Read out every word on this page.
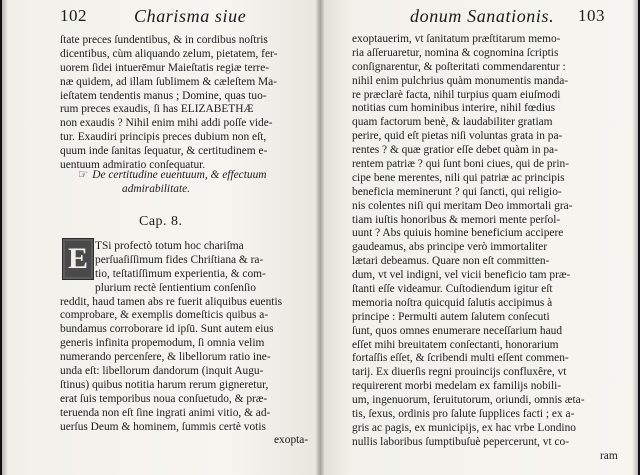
102	Charisma siue
ſtate preces ſundentibus, & in cordibus noſtris
dicentibus, cùm aliquando zelum, pietatem, fer-
uorem ſidei intuerēmur Maieſtatis regiæ terre-
næ quidem, ad illam ſublimem & cæleſtem Ma-
ieſtatem tendentis manus ; Domine, quas tuo-
rum preces exaudis, ſi has ELIZABETHÆ
non exaudis ? Nihil enim mihi addi poſſe vide-
tur. Exaudiri principis preces dubium non eſt,
quum inde ſanitas ſequatur, & certitudinem e-
uentuum admiratio conſequatur.
☞ De certitudine euentuum, & effectuum
admirabilitate.
Cap. 8.
E TSi profectò totum hoc chariſma
perſuaſiſſimum fides Chriſtiana & ra-
tio, teſtatiſſimum experientia, & com-
plurium rectè ſentientium conſenſio
reddit, haud tamen abs re fuerit aliquibus euentis
comprobare, & exemplis domeſticis quibus a-
bundamus corroborare id ipſū. Sunt autem eius
generis infinita propemodum, ſi omnia velim
numerando percenſere, & libellorum ratio ine-
unda eſt: libellorum dandorum (inquit Augu-
ſtinus) quibus notitia harum rerum gigneretur,
erat ſuis temporibus noua conſuetudo, & præ-
teruenda non eſt ſine ingrati animi vitio, & ad-
uerſus Deum & hominem, ſummis certè votis
exopta-
donum Sanationis. 103
exoptauerim, vt ſanitatum præſtitarum memo-
ria aſſeruaretur, nomina & cognomina ſcriptis
conſignarentur, & poſteritati commendarentur :
nihil enim pulchrius quàm monumentis manda-
re præclarè facta, nihil turpius quam eiuſmodi
notitias cum hominibus interire, nihil fœdius
quam factorum benè, & laudabiliter gratiam
perire, quid eſt pietas niſi voluntas grata in pa-
rentes ? & quæ gratior eſſe debet quàm in pa-
rentem patriæ ? qui ſunt boni ciues, qui de prin-
cipe bene merentes, nili qui patriæ ac principis
beneficia meminerunt ? qui ſancti, qui religio-
nis colentes niſi qui meritam Deo immortali gra-
tiam iuſtis honoribus & memori mente perſol-
uunt ? Abs quiuis homine beneficium accipere
gaudeamus, abs principe verò immortaliter
lætari debeamus. Quare non eſt committen-
dum, vt vel indigni, vel vicii beneficio tam præ-
ſtanti eſſe videamur. Cuſtodiendum igitur eſt
memoria noſtra quicquid ſalutis accipimus à
principe : Permulti autem ſalutem conſecuti
ſunt, quos omnes enumerare neceſſarium haud
eſſet mihi breuitatem conſectanti, honorarium
fortaſſis eſſet, & ſcribendi multi eſſent commen-
tarij. Ex diuerſis regni prouincijs confluxêre, vt
requirerent morbi medelam ex familijs nobili-
um, ingenuorum, ſeruitutorum, oriundi, omnis æta-
tis, ſexus, ordinis pro ſalute ſupplices facti ; ex a-
gris ac pagis, ex municipijs, ex hac vrbe Londino
nullis laboribus ſumptibuſuè pepercerunt, vt co-
ram
